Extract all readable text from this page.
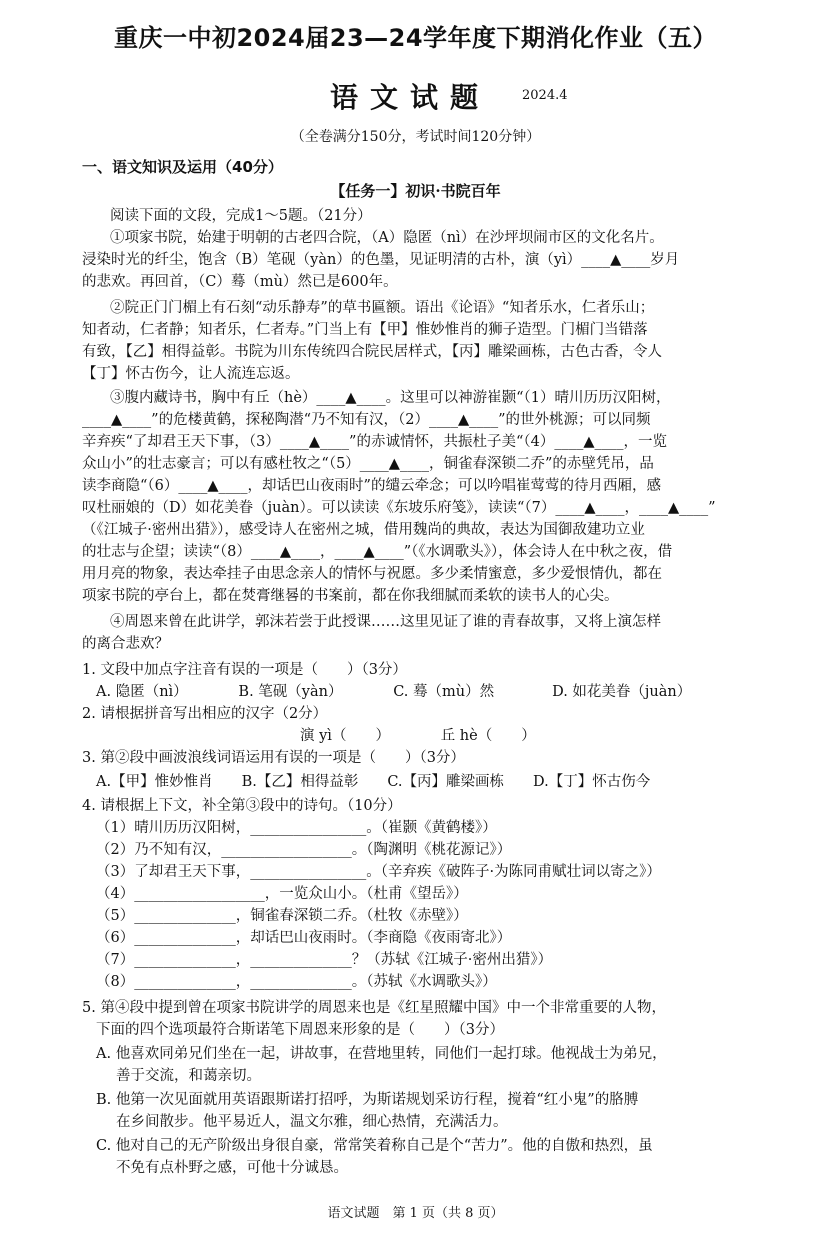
重庆一中初2024届23—24学年度下期消化作业（五）
语文试题 2024.4
（全卷满分150分，考试时间120分钟）
一、语文知识及运用（40分）
【任务一】初识·书院百年
阅读下面的文段，完成1～5题。（21分）
①项家书院，始建于明朝的古老四合院，（A）隐匿（nì）在沙坪坝闹市区的文化名片。
浸染时光的纤尘，饱含（B）笔砚（yàn）的色墨，见证明清的古朴，演（yì）____▲____岁月
的悲欢。再回首，（C）蓦（mù）然已是600年。
②院正门门楣上有石刻“动乐静寿”的草书匾额。语出《论语》“知者乐水，仁者乐山；
知者动，仁者静；知者乐，仁者寿。”门当上有【甲】惟妙惟肖的狮子造型。门楣门当错落
有致，【乙】相得益彰。书院为川东传统四合院民居样式，【丙】雕梁画栋，古色古香，令人
【丁】怀古伤今，让人流连忘返。
③腹内藏诗书，胸中有丘（hè）____▲____。这里可以神游崔颢“（1）晴川历历汉阳树，
____▲____”的危楼黄鹤，探秘陶潜“乃不知有汉，（2）____▲____”的世外桃源；可以同频
辛弃疾“了却君王天下事，（3）____▲____”的赤诚情怀，共振杜子美“（4）____▲____，一览
众山小”的壮志豪言；可以有感杜牧之“（5）____▲____，铜雀春深锁二乔”的赤壁凭吊，品
读李商隐“（6）____▲____，却话巴山夜雨时”的缱云牵念；可以吟唱崔莺莺的待月西厢，感
叹杜丽娘的（D）如花美眷（juàn）。可以读读《东坡乐府笺》，读读“（7）____▲____，____▲____”
（《江城子·密州出猎》），感受诗人在密州之城，借用魏尚的典故，表达为国御敌建功立业
的壮志与企望；读读“（8）____▲____，____▲____”（《水调歌头》），体会诗人在中秋之夜，借
用月亮的物象，表达牵挂子由思念亲人的情怀与祝愿。多少柔情蜜意，多少爱恨情仇，都在
项家书院的亭台上，都在焚膏继晷的书案前，都在你我细腻而柔软的读书人的心尖。
④周恩来曾在此讲学，郭沫若尝于此授课……这里见证了谁的青春故事，又将上演怎样
的离合悲欢？
1. 文段中加点字注音有误的一项是（　　）（3分）
A. 隐匿（nì）　　　　B. 笔砚（yàn）　　　　C. 蓦（mù）然　　　　D. 如花美眷（juàn）
2. 请根据拼音写出相应的汉字（2分）
演 yì（　　）　　　　丘 hè（　　）
3. 第②段中画波浪线词语运用有误的一项是（　　）（3分）
A.【甲】惟妙惟肖　　B.【乙】相得益彰　　C.【丙】雕梁画栋　　D.【丁】怀古伤今
4. 请根据上下文，补全第③段中的诗句。（10分）
（1）晴川历历汉阳树，________________。（崔颢《黄鹤楼》）
（2）乃不知有汉，__________________。（陶渊明《桃花源记》）
（3）了却君王天下事，________________。（辛弃疾《破阵子·为陈同甫赋壮词以寄之》）
（4）__________________，一览众山小。（杜甫《望岳》）
（5）______________，铜雀春深锁二乔。（杜牧《赤壁》）
（6）______________，却话巴山夜雨时。（李商隐《夜雨寄北》）
（7）______________，______________？（苏轼《江城子·密州出猎》）
（8）______________，______________。（苏轼《水调歌头》）
5. 第④段中提到曾在项家书院讲学的周恩来也是《红星照耀中国》中一个非常重要的人物，
下面的四个选项最符合斯诺笔下周恩来形象的是（　　）（3分）
A. 他喜欢同弟兄们坐在一起，讲故事，在营地里转，同他们一起打球。他视战士为弟兄，
善于交流，和蔼亲切。
B. 他第一次见面就用英语跟斯诺打招呼，为斯诺规划采访行程，搅着“红小鬼”的胳膊
在乡间散步。他平易近人，温文尔雅，细心热情，充满活力。
C. 他对自己的无产阶级出身很自豪，常常笑着称自己是个“苦力”。他的自傲和热烈，虽
不免有点朴野之感，可他十分诚恳。
语文试题　第 1 页（共 8 页）
